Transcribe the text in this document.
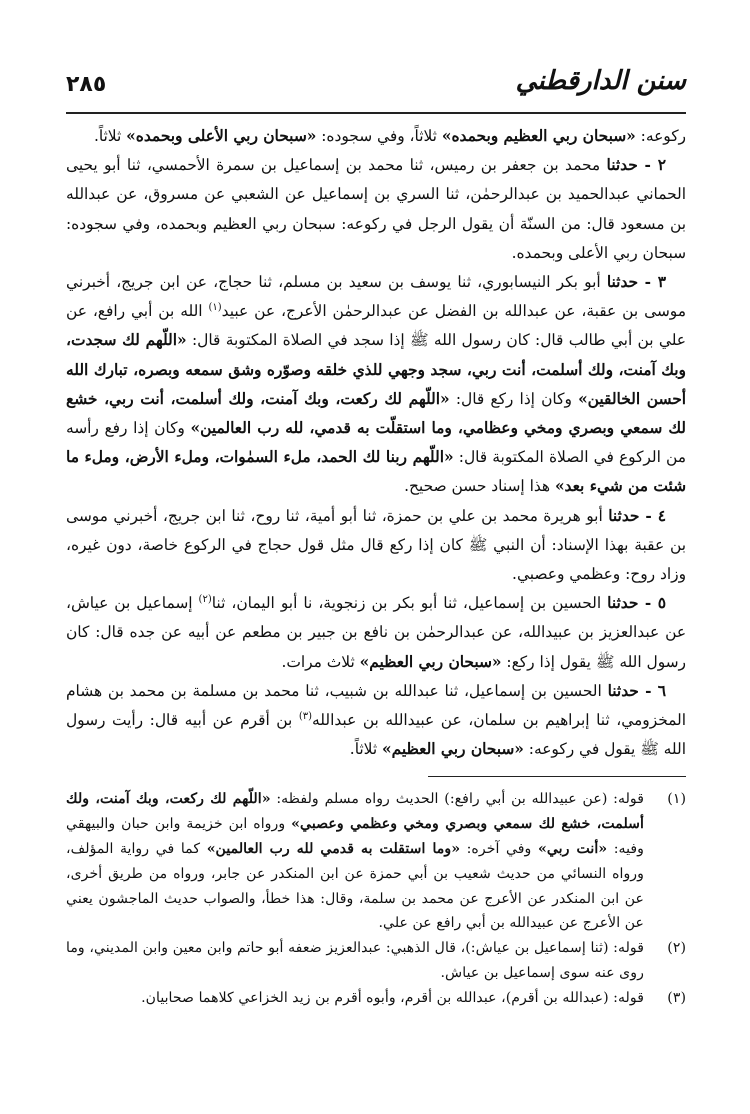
سنن الدارقطني
٢٨٥

ركوعه: «سبحان ربي العظيم وبحمده» ثلاثاً، وفي سجوده: «سبحان ربي الأعلى وبحمده» ثلاثاً.

٢ - حدثنا محمد بن جعفر بن رميس، ثنا محمد بن إسماعيل بن سمرة الأحمسي، ثنا أبو يحيى الحماني عبدالحميد بن عبدالرحمٰن، ثنا السري بن إسماعيل عن الشعبي عن مسروق، عن عبدالله بن مسعود قال: من السنّة أن يقول الرجل في ركوعه: سبحان ربي العظيم وبحمده، وفي سجوده: سبحان ربي الأعلى وبحمده.

٣ - حدثنا أبو بكر النيسابوري، ثنا يوسف بن سعيد بن مسلم، ثنا حجاج، عن ابن جريج، أخبرني موسى بن عقبة، عن عبدالله بن الفضل عن عبدالرحمٰن الأعرج، عن عبيد$^{(١)}$ الله بن أبي رافع، عن علي بن أبي طالب قال: كان رسول الله ﷺ إذا سجد في الصلاة المكتوبة قال: «اللّهم لك سجدت، وبك آمنت، ولك أسلمت، أنت ربي، سجد وجهي للذي خلقه وصوّره وشق سمعه وبصره، تبارك الله أحسن الخالقين» وكان إذا ركع قال: «اللّهم لك ركعت، وبك آمنت، ولك أسلمت، أنت ربي، خشع لك سمعي وبصري ومخي وعظامي، وما استقلّت به قدمي، لله رب العالمين» وكان إذا رفع رأسه من الركوع في الصلاة المكتوبة قال: «اللّهم ربنا لك الحمد، ملء السمٰوات، وملء الأرض، وملء ما شئت من شيء بعد» هذا إسناد حسن صحيح.

٤ - حدثنا أبو هريرة محمد بن علي بن حمزة، ثنا أبو أمية، ثنا روح، ثنا ابن جريج، أخبرني موسى بن عقبة بهذا الإسناد: أن النبي ﷺ كان إذا ركع قال مثل قول حجاج في الركوع خاصة، دون غيره، وزاد روح: وعظمي وعصبي.

٥ - حدثنا الحسين بن إسماعيل، ثنا أبو بكر بن زنجوية، نا أبو اليمان، ثنا$^{(٢)}$ إسماعيل بن عياش، عن عبدالعزيز بن عبيدالله، عن عبدالرحمٰن بن نافع بن جبير بن مطعم عن أبيه عن جده قال: كان رسول الله ﷺ يقول إذا ركع: «سبحان ربي العظيم» ثلاث مرات.

٦ - حدثنا الحسين بن إسماعيل، ثنا عبدالله بن شبيب، ثنا محمد بن مسلمة بن محمد بن هشام المخزومي، ثنا إبراهيم بن سلمان، عن عبيدالله بن عبدالله$^{(٣)}$ بن أقرم عن أبيه قال: رأيت رسول الله ﷺ يقول في ركوعه: «سبحان ربي العظيم» ثلاثاً.

(١)
قوله: (عن عبيدالله بن أبي رافع:) الحديث رواه مسلم ولفظه: «اللّهم لك ركعت، وبك آمنت، ولك أسلمت، خشع لك سمعي وبصري ومخي وعظمي وعصبي» ورواه ابن خزيمة وابن حبان والبيهقي وفيه: «أنت ربي» وفي آخره: «وما استقلت به قدمي لله رب العالمين» كما في رواية المؤلف، ورواه النسائي من حديث شعيب بن أبي حمزة عن ابن المنكدر عن جابر، ورواه من طريق أخرى، عن ابن المنكدر عن الأعرج عن محمد بن سلمة، وقال: هذا خطأ، والصواب حديث الماجشون يعني عن الأعرج عن عبيدالله بن أبي رافع عن علي.
(٢)
قوله: (ثنا إسماعيل بن عياش:)، قال الذهبي: عبدالعزيز ضعفه أبو حاتم وابن معين وابن المديني، وما روى عنه سوى إسماعيل بن عياش.
(٣)
قوله: (عبدالله بن أقرم)، عبدالله بن أقرم، وأبوه أقرم بن زيد الخزاعي كلاهما صحابيان.
